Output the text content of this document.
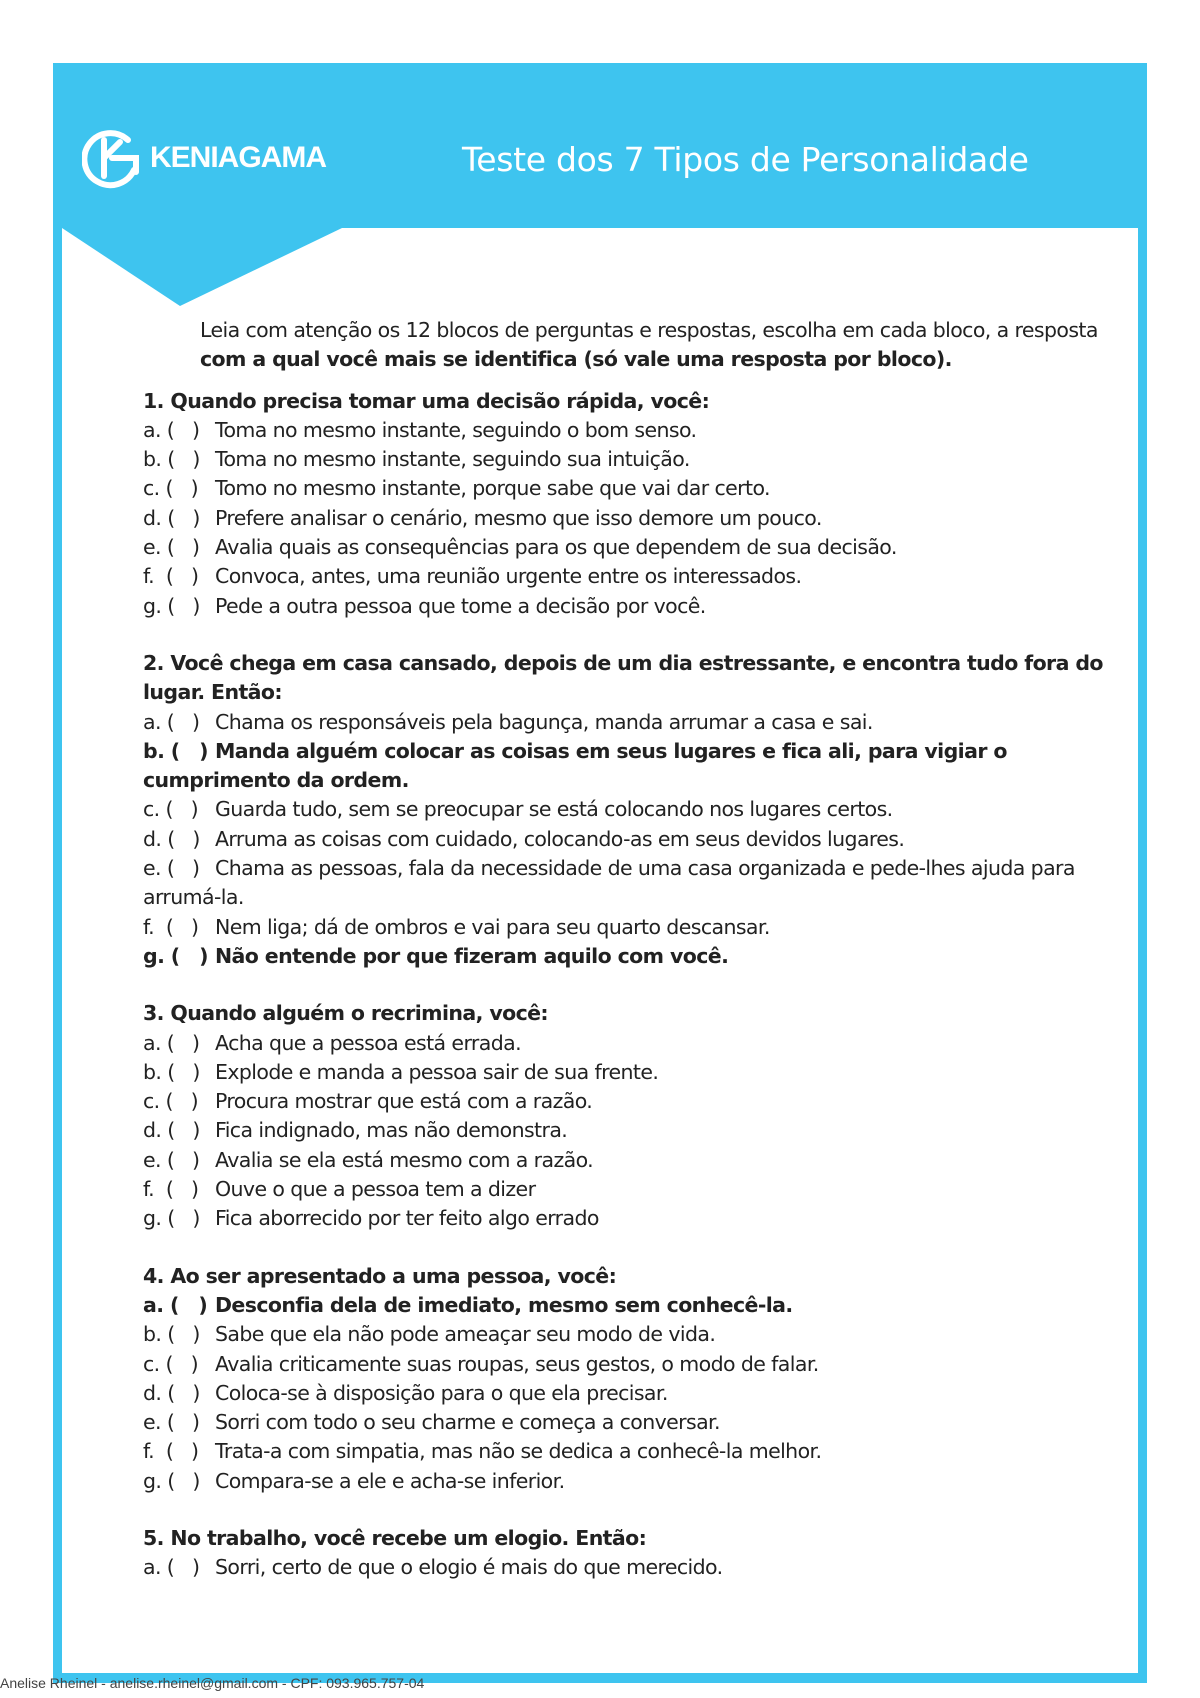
KENIAGAMA	Teste dos 7 Tipos de Personalidade
Leia com atenção os 12 blocos de perguntas e respostas, escolha em cada bloco, a resposta
com a qual você mais se identifica (só vale uma resposta por bloco).
1. Quando precisa tomar uma decisão rápida, você:
a. (   ) Toma no mesmo instante, seguindo o bom senso.
b. (   ) Toma no mesmo instante, seguindo sua intuição.
c. (   ) Tomo no mesmo instante, porque sabe que vai dar certo.
d. (   ) Prefere analisar o cenário, mesmo que isso demore um pouco.
e. (   ) Avalia quais as consequências para os que dependem de sua decisão.
f.  (   ) Convoca, antes, uma reunião urgente entre os interessados.
g. (   ) Pede a outra pessoa que tome a decisão por você.
2. Você chega em casa cansado, depois de um dia estressante, e encontra tudo fora do lugar. Então:
a. (   ) Chama os responsáveis pela bagunça, manda arrumar a casa e sai.
b. (   ) Manda alguém colocar as coisas em seus lugares e fica ali, para vigiar o cumprimento da ordem.
c. (   ) Guarda tudo, sem se preocupar se está colocando nos lugares certos.
d. (   ) Arruma as coisas com cuidado, colocando-as em seus devidos lugares.
e. (   ) Chama as pessoas, fala da necessidade de uma casa organizada e pede-lhes ajuda para arrumá-la.
f.  (   ) Nem liga; dá de ombros e vai para seu quarto descansar.
g. (   ) Não entende por que fizeram aquilo com você.
3. Quando alguém o recrimina, você:
a. (   ) Acha que a pessoa está errada.
b. (   ) Explode e manda a pessoa sair de sua frente.
c. (   ) Procura mostrar que está com a razão.
d. (   ) Fica indignado, mas não demonstra.
e. (   ) Avalia se ela está mesmo com a razão.
f.  (   ) Ouve o que a pessoa tem a dizer
g. (   ) Fica aborrecido por ter feito algo errado
4. Ao ser apresentado a uma pessoa, você:
a. (   ) Desconfia dela de imediato, mesmo sem conhecê-la.
b. (   ) Sabe que ela não pode ameaçar seu modo de vida.
c. (   ) Avalia criticamente suas roupas, seus gestos, o modo de falar.
d. (   ) Coloca-se à disposição para o que ela precisar.
e. (   ) Sorri com todo o seu charme e começa a conversar.
f.  (   ) Trata-a com simpatia, mas não se dedica a conhecê-la melhor.
g. (   ) Compara-se a ele e acha-se inferior.
5. No trabalho, você recebe um elogio. Então:
a. (   ) Sorri, certo de que o elogio é mais do que merecido.
Anelise Rheinel - anelise.rheinel@gmail.com - CPF: 093.965.757-04
